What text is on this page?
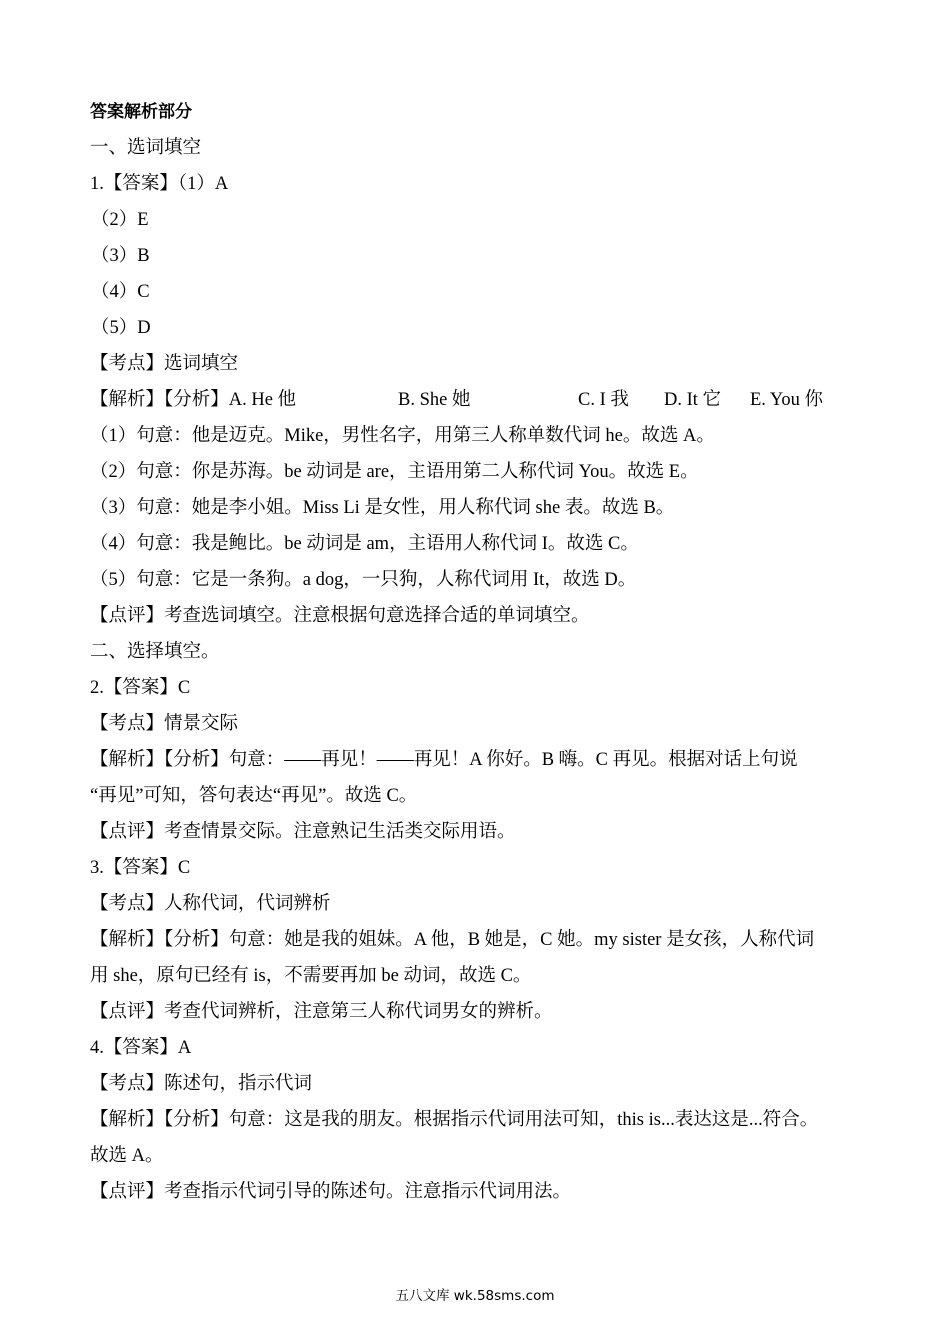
答案解析部分
一、选词填空
1.【答案】（1）A
（2）E
（3）B
（4）C
（5）D
【考点】选词填空
【解析】【分析】A. He 他	B. She 她	C. I 我 D. It 它 E. You 你
（1）句意：他是迈克。Mike，男性名字，用第三人称单数代词 he。故选 A。
（2）句意：你是苏海。be 动词是 are，主语用第二人称代词 You。故选 E。
（3）句意：她是李小姐。Miss Li 是女性，用人称代词 she 表。故选 B。
（4）句意：我是鲍比。be 动词是 am，主语用人称代词 I。故选 C。
（5）句意：它是一条狗。a dog，一只狗，人称代词用 It，故选 D。
【点评】考查选词填空。注意根据句意选择合适的单词填空。
二、选择填空。
2.【答案】C
【考点】情景交际
【解析】【分析】句意：——再见！——再见！A 你好。B 嗨。C 再见。根据对话上句说
“再见”可知，答句表达“再见”。故选 C。
【点评】考查情景交际。注意熟记生活类交际用语。
3.【答案】C
【考点】人称代词，代词辨析
【解析】【分析】句意：她是我的姐妹。A 他，B 她是，C 她。my sister 是女孩，人称代词
用 she，原句已经有 is，不需要再加 be 动词，故选 C。
【点评】考查代词辨析，注意第三人称代词男女的辨析。
4.【答案】A
【考点】陈述句，指示代词
【解析】【分析】句意：这是我的朋友。根据指示代词用法可知，this is...表达这是...符合。
故选 A。
【点评】考查指示代词引导的陈述句。注意指示代词用法。
五八文库 wk.58sms.com
